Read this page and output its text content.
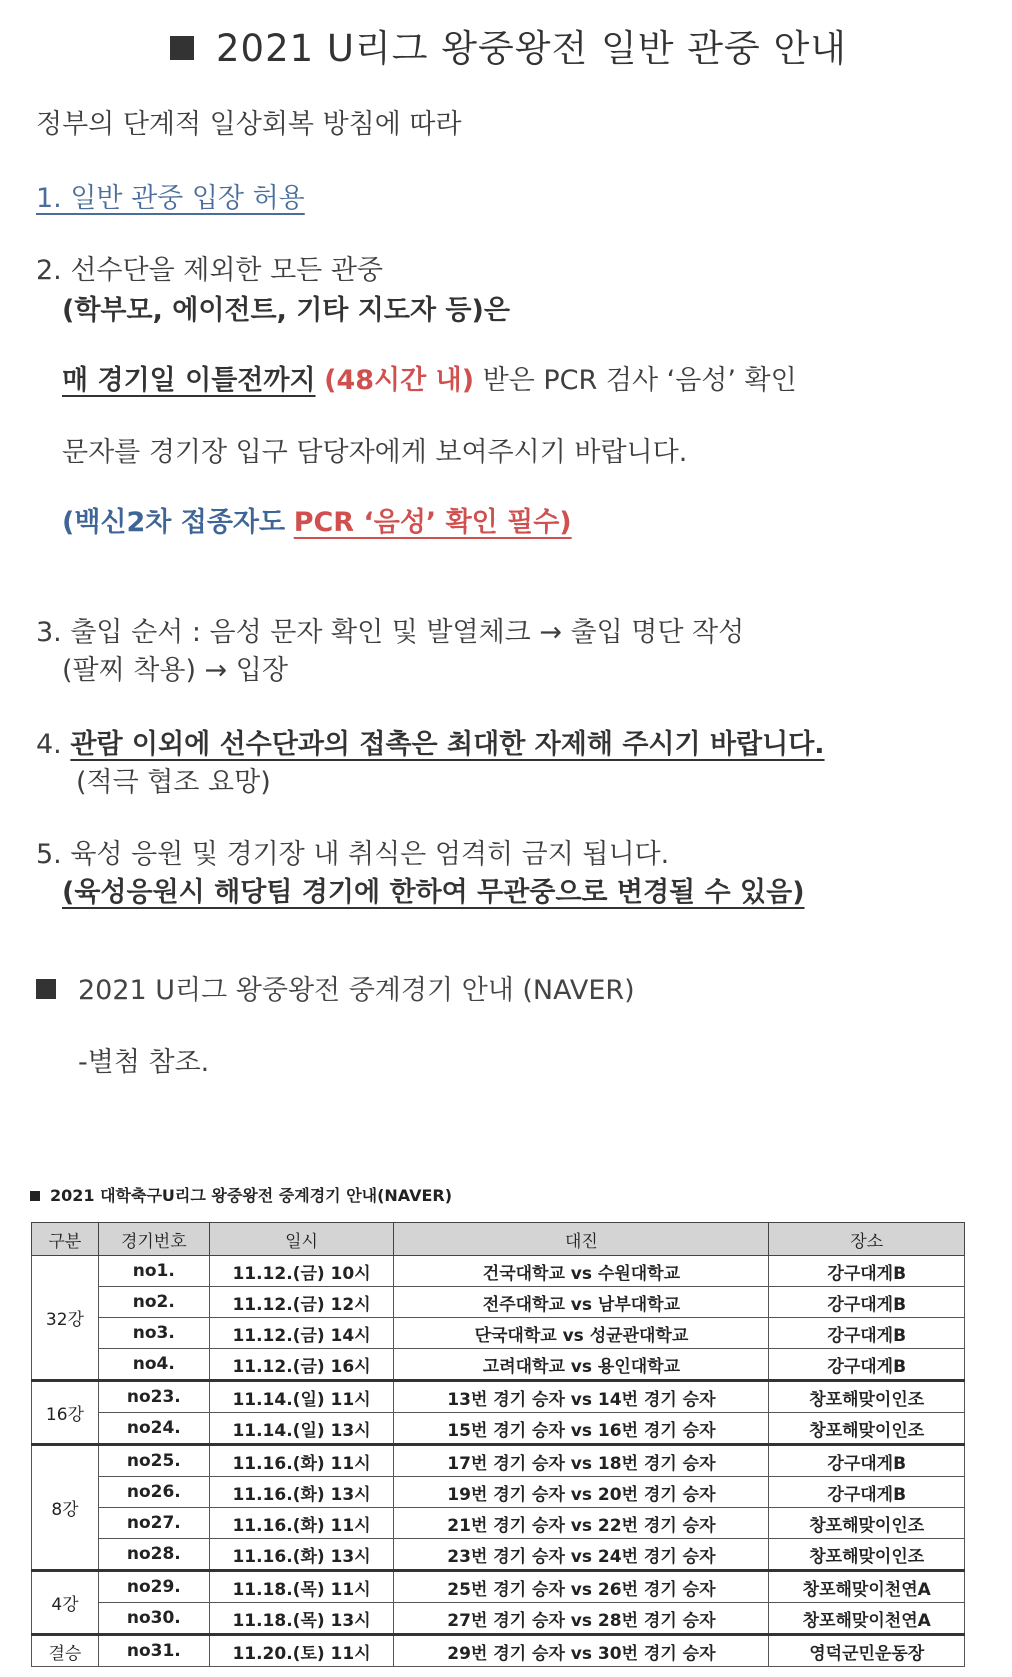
2021 U리그 왕중왕전 일반 관중 안내
정부의 단계적 일상회복 방침에 따라
1. 일반 관중 입장 허용
2. 선수단을 제외한 모든 관중
(학부모, 에이전트, 기타 지도자 등)은
매 경기일 이틀전까지 (48시간 내) 받은 PCR 검사 ‘음성’ 확인
문자를 경기장 입구 담당자에게 보여주시기 바랍니다.
(백신2차 접종자도 PCR ‘음성’ 확인 필수)
3. 출입 순서 : 음성 문자 확인 및 발열체크 → 출입 명단 작성
(팔찌 착용) → 입장
4. 관람 이외에 선수단과의 접촉은 최대한 자제해 주시기 바랍니다.
(적극 협조 요망)
5. 육성 응원 및 경기장 내 취식은 엄격히 금지 됩니다.
(육성응원시 해당팀 경기에 한하여 무관중으로 변경될 수 있음)
2021 U리그 왕중왕전 중계경기 안내 (NAVER)
-별첨 참조.
2021 대학축구U리그 왕중왕전 중계경기 안내(NAVER)
구분	경기번호	일시	대진	장소
32강	no1.	11.12.(금) 10시	건국대학교 vs 수원대학교	강구대게B
	no2.	11.12.(금) 12시	전주대학교 vs 남부대학교	강구대게B
	no3.	11.12.(금) 14시	단국대학교 vs 성균관대학교	강구대게B
	no4.	11.12.(금) 16시	고려대학교 vs 용인대학교	강구대게B
16강	no23.	11.14.(일) 11시	13번 경기 승자 vs 14번 경기 승자	창포해맞이인조
	no24.	11.14.(일) 13시	15번 경기 승자 vs 16번 경기 승자	창포해맞이인조
8강	no25.	11.16.(화) 11시	17번 경기 승자 vs 18번 경기 승자	강구대게B
	no26.	11.16.(화) 13시	19번 경기 승자 vs 20번 경기 승자	강구대게B
	no27.	11.16.(화) 11시	21번 경기 승자 vs 22번 경기 승자	창포해맞이인조
	no28.	11.16.(화) 13시	23번 경기 승자 vs 24번 경기 승자	창포해맞이인조
4강	no29.	11.18.(목) 11시	25번 경기 승자 vs 26번 경기 승자	창포해맞이천연A
	no30.	11.18.(목) 13시	27번 경기 승자 vs 28번 경기 승자	창포해맞이천연A
결승	no31.	11.20.(토) 11시	29번 경기 승자 vs 30번 경기 승자	영덕군민운동장
